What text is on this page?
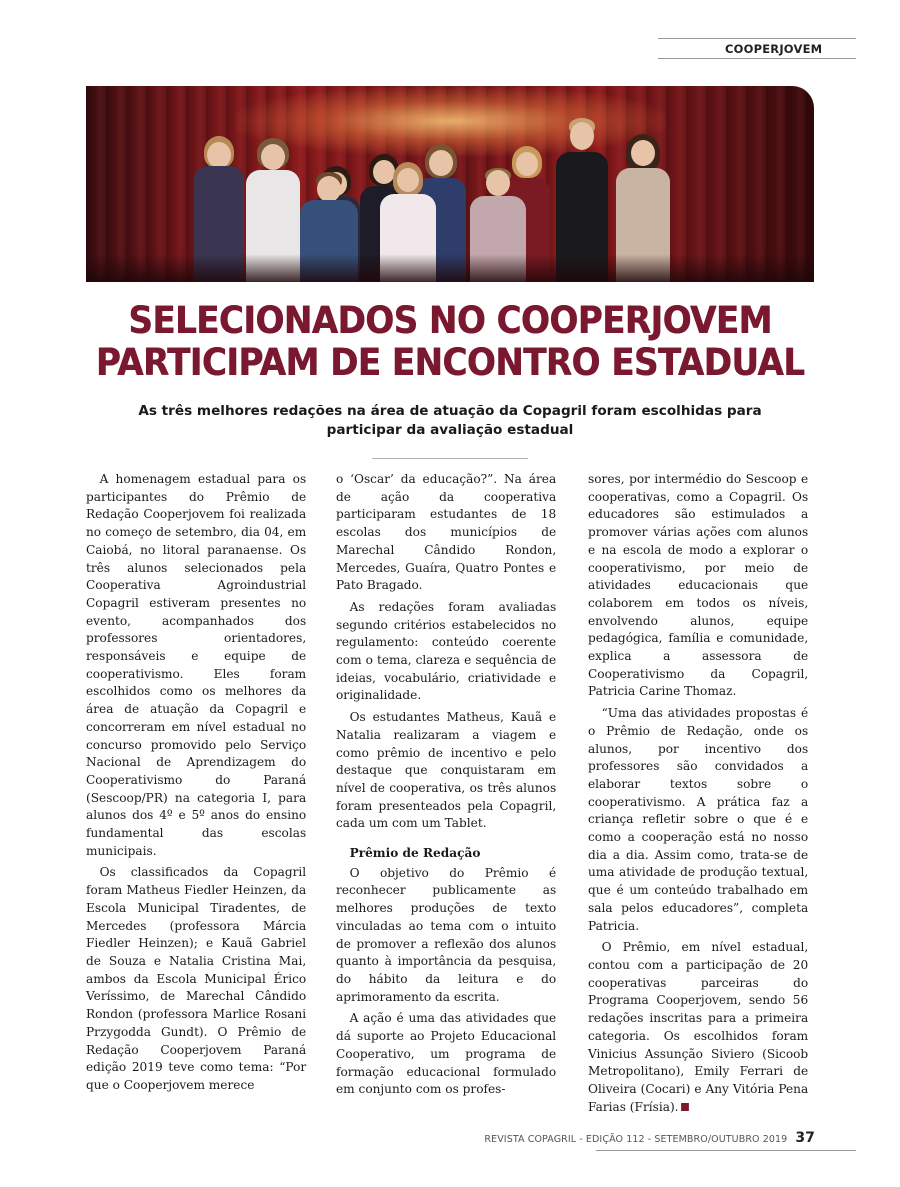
COOPERJOVEM
SELECIONADOS NO COOPERJOVEM
PARTICIPAM DE ENCONTRO ESTADUAL
As três melhores redações na área de atuação da Copagril foram escolhidas para
participar da avaliação estadual

A homenagem estadual para os participantes do Prêmio de Redação Cooperjovem foi realizada no começo de setembro, dia 04, em Caiobá, no litoral paranaense. Os três alunos selecionados pela Cooperativa Agroindustrial Copagril estiveram presentes no evento, acompanhados dos professores orientadores, responsáveis e equipe de cooperativismo. Eles foram escolhidos como os melhores da área de atuação da Copagril e concorreram em nível estadual no concurso promovido pelo Serviço Nacional de Aprendizagem do Cooperativismo do Paraná (Sescoop/PR) na categoria I, para alunos dos 4º e 5º anos do ensino fundamental das escolas municipais.

Os classificados da Copagril foram Matheus Fiedler Heinzen, da Escola Municipal Tiradentes, de Mercedes (professora Márcia Fiedler Heinzen); e Kauã Gabriel de Souza e Natalia Cristina Mai, ambos da Escola Municipal Érico Veríssimo, de Marechal Cândido Rondon (professora Marlice Rosani Przygodda Gundt). O Prêmio de Redação Cooperjovem Paraná edição 2019 teve como tema: “Por que o Cooperjovem merece

o ‘Oscar’ da educação?”. Na área de ação da cooperativa participaram estudantes de 18 escolas dos municípios de Marechal Cândido Rondon, Mercedes, Guaíra, Quatro Pontes e Pato Bragado.

As redações foram avaliadas segundo critérios estabelecidos no regulamento: conteúdo coerente com o tema, clareza e sequência de ideias, vocabulário, criatividade e originalidade.

Os estudantes Matheus, Kauã e Natalia realizaram a viagem e como prêmio de incentivo e pelo destaque que conquistaram em nível de cooperativa, os três alunos foram presenteados pela Copagril, cada um com um Tablet.

Prêmio de Redação

O objetivo do Prêmio é reconhecer publicamente as melhores produções de texto vinculadas ao tema com o intuito de promover a reflexão dos alunos quanto à importância da pesquisa, do hábito da leitura e do aprimoramento da escrita.

A ação é uma das atividades que dá suporte ao Projeto Educacional Cooperativo, um programa de formação educacional formulado em conjunto com os profes-

sores, por intermédio do Sescoop e cooperativas, como a Copagril. Os educadores são estimulados a promover várias ações com alunos e na escola de modo a explorar o cooperativismo, por meio de atividades educacionais que colaborem em todos os níveis, envolvendo alunos, equipe pedagógica, família e comunidade, explica a assessora de Cooperativismo da Copagril, Patricia Carine Thomaz.

“Uma das atividades propostas é o Prêmio de Redação, onde os alunos, por incentivo dos professores são convidados a elaborar textos sobre o cooperativismo. A prática faz a criança refletir sobre o que é e como a cooperação está no nosso dia a dia. Assim como, trata-se de uma atividade de produção textual, que é um conteúdo trabalhado em sala pelos educadores”, completa Patricia.

O Prêmio, em nível estadual, contou com a participação de 20 cooperativas parceiras do Programa Cooperjovem, sendo 56 redações inscritas para a primeira categoria. Os escolhidos foram Vinicius Assunção Siviero (Sicoob Metropolitano), Emily Ferrari de Oliveira (Cocari) e Any Vitória Pena Farias (Frísia).

REVISTA COPAGRIL - EDIÇÃO 112 - SETEMBRO/OUTUBRO 2019 37
